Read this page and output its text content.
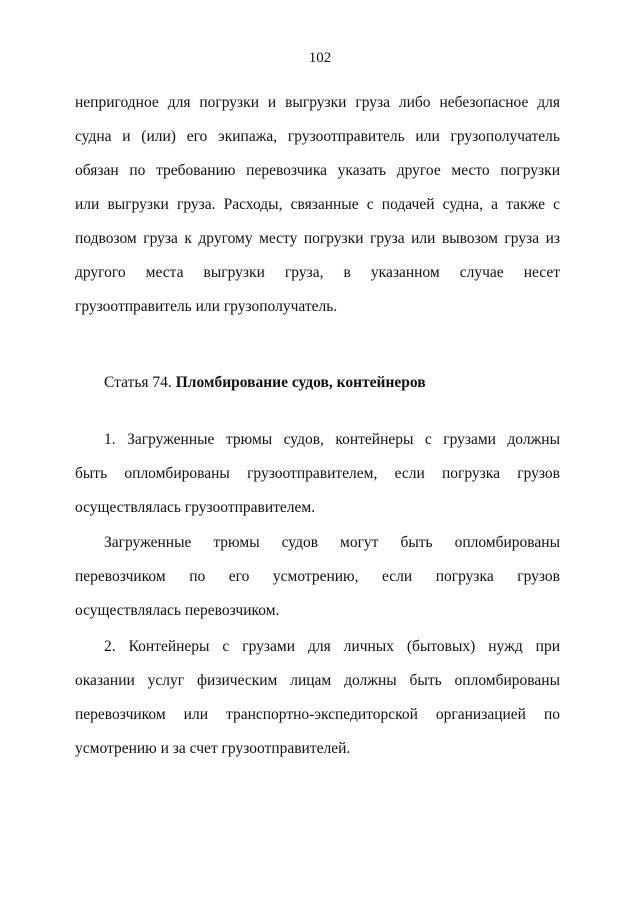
102
непригодное для погрузки и выгрузки груза либо небезопасное для
судна и (или) его экипажа, грузоотправитель или грузополучатель
обязан по требованию перевозчика указать другое место погрузки
или выгрузки груза. Расходы, связанные с подачей судна, а также с
подвозом груза к другому месту погрузки груза или вывозом груза из
другого места выгрузки груза, в указанном случае несет
грузоотправитель или грузополучатель.
Статья 74. Пломбирование судов, контейнеров
1. Загруженные трюмы судов, контейнеры с грузами должны
быть опломбированы грузоотправителем, если погрузка грузов
осуществлялась грузоотправителем.
Загруженные трюмы судов могут быть опломбированы
перевозчиком по его усмотрению, если погрузка грузов
осуществлялась перевозчиком.
2. Контейнеры с грузами для личных (бытовых) нужд при
оказании услуг физическим лицам должны быть опломбированы
перевозчиком или транспортно-экспедиторской организацией по
усмотрению и за счет грузоотправителей.
